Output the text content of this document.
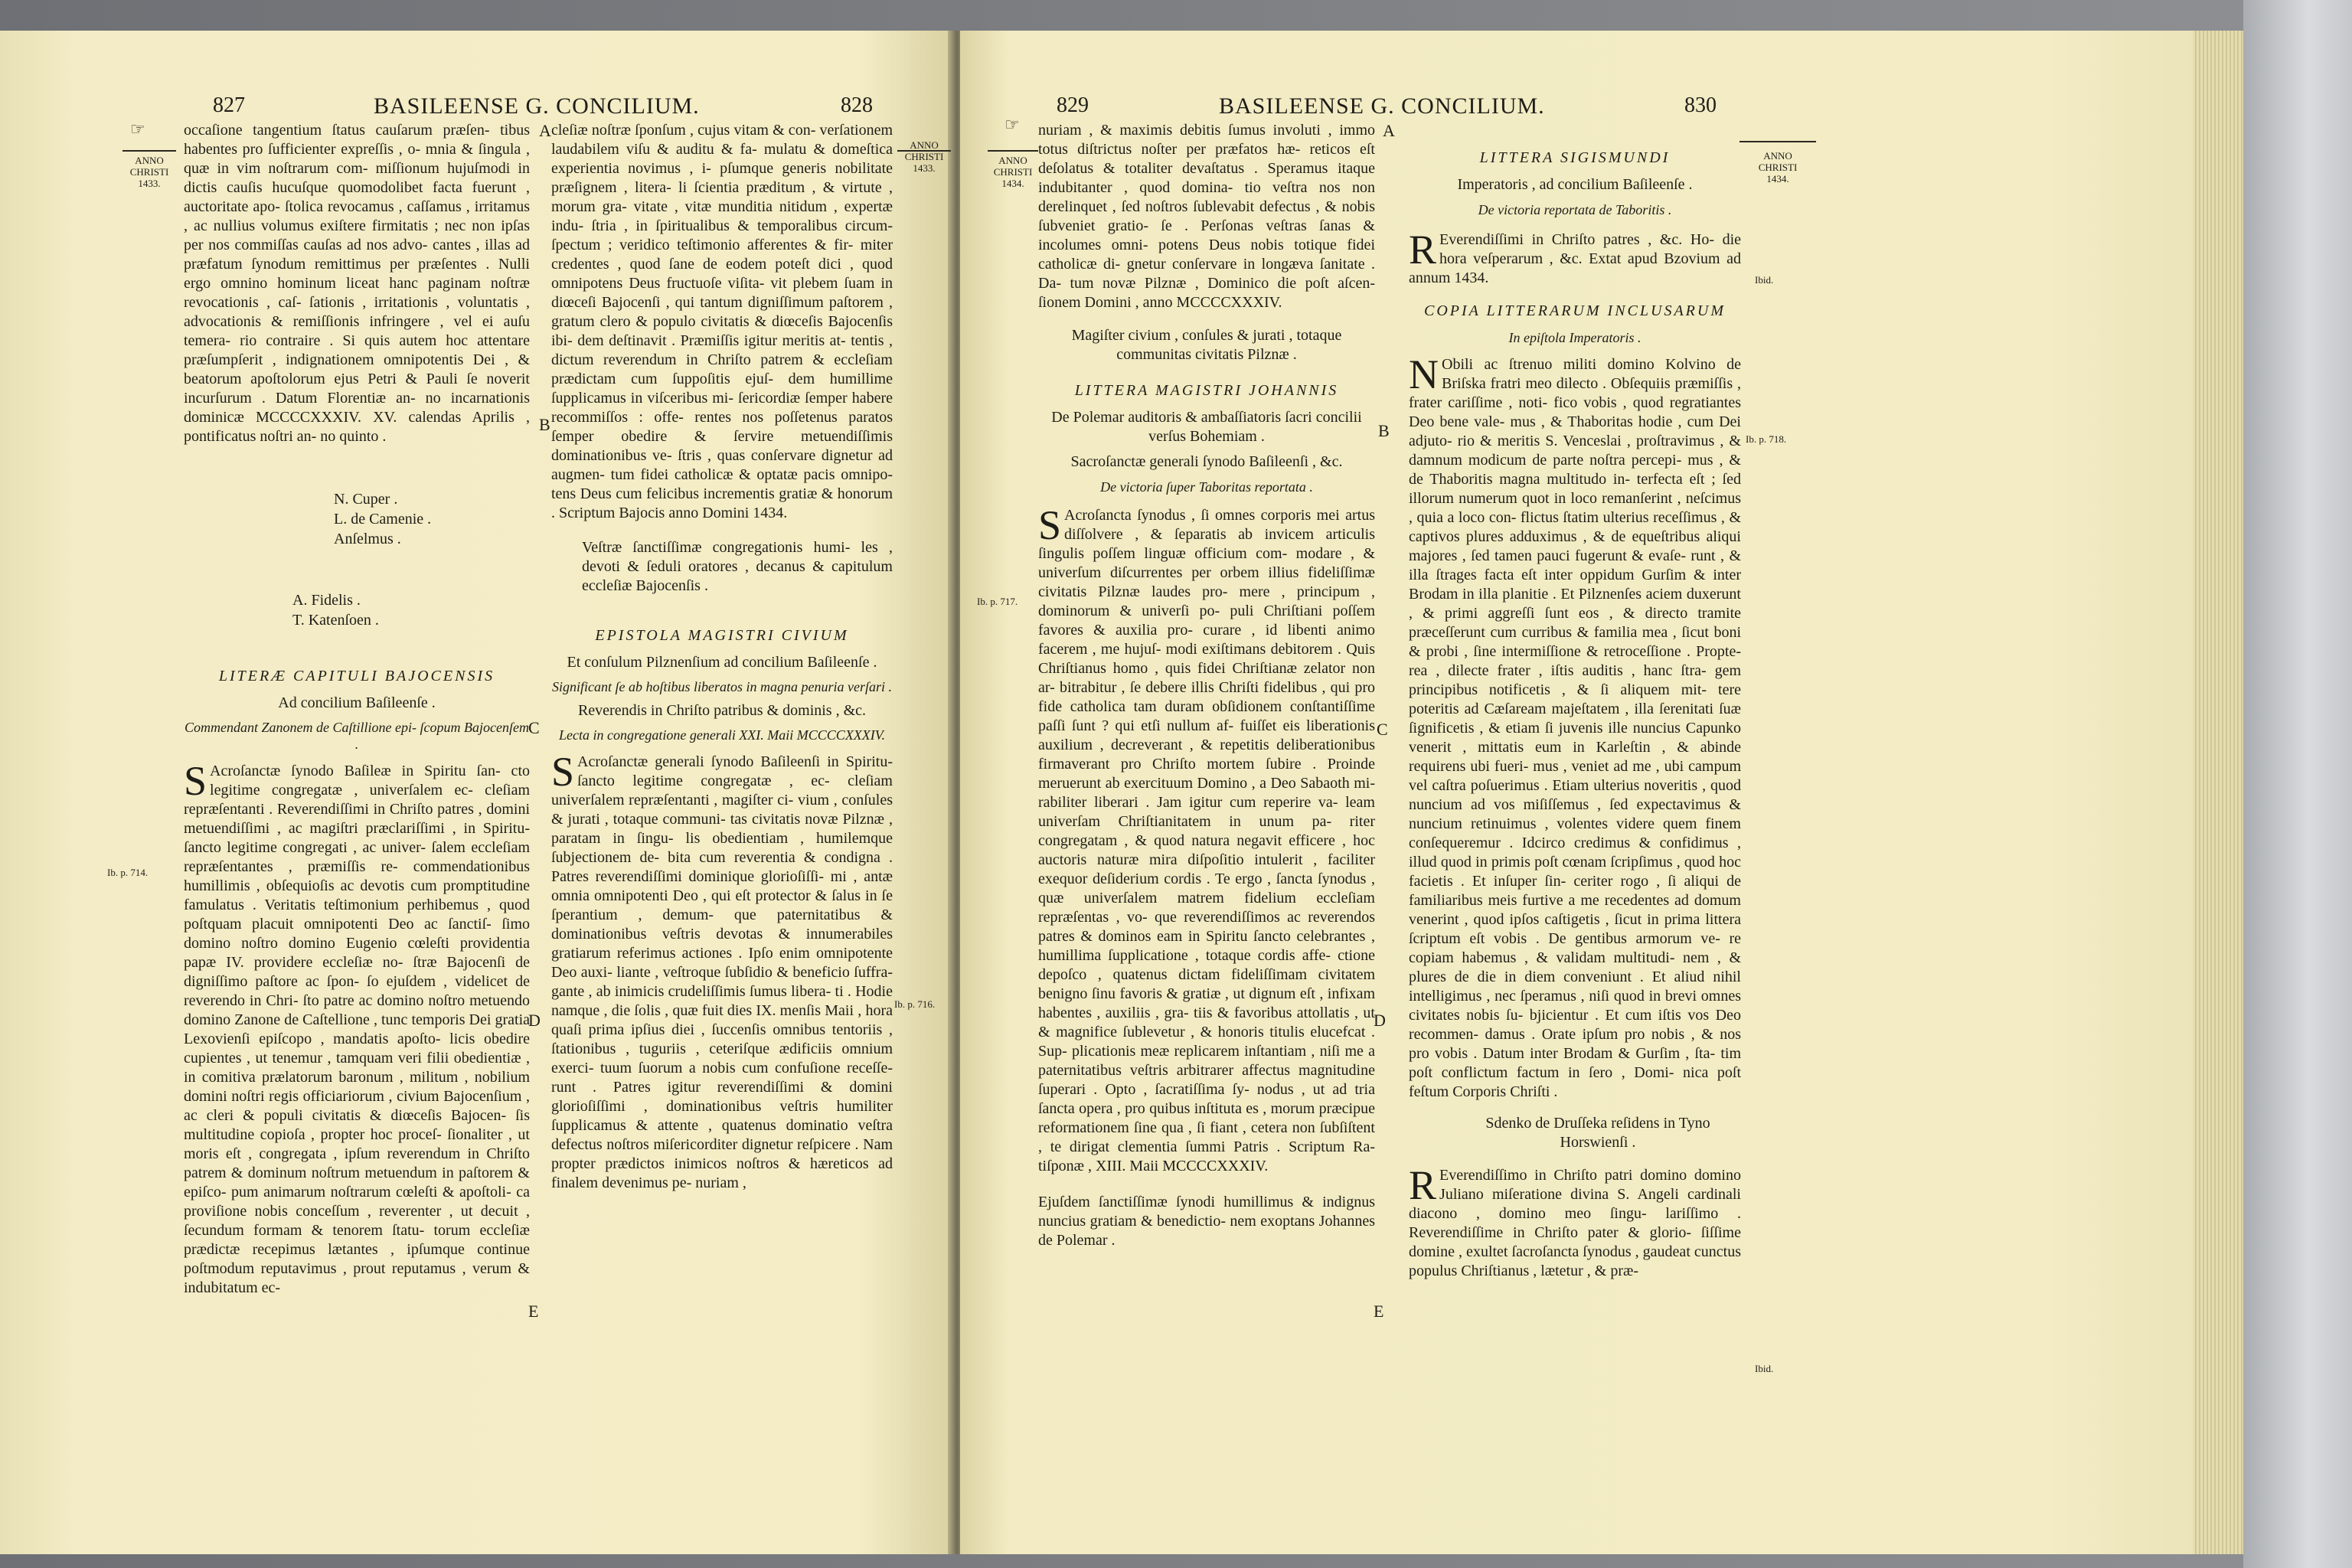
827	BASILEENSE G. CONCILIUM.	828
☞
ANNO
CHRISTI
1433.
ANNO
CHRISTI
1433.

occaſione tangentium ſtatus cauſarum præſen- tibus habentes pro ſufficienter expreſſis , o- mnia & ſingula , quæ in vim noſtrarum com- miſſionum hujuſmodi in dictis cauſis hucuſque quomodolibet facta fuerunt , auctoritate apo- ſtolica revocamus , caſſamus , irritamus , ac nullius volumus exiſtere firmitatis ; nec non ipſas per nos commiſſas cauſas ad nos advo- cantes , illas ad præfatum ſynodum remittimus per præſentes . Nulli ergo omnino hominum liceat hanc paginam noſtræ revocationis , caſ- ſationis , irritationis , voluntatis , advocationis & remiſſionis infringere , vel ei auſu temera- rio contraire . Si quis autem hoc attentare præſumpſerit , indignationem omnipotentis Dei , & beatorum apoſtolorum ejus Petri & Pauli ſe noverit incurſurum . Datum Florentiæ an- no incarnationis dominicæ MCCCCXXXIV. XV. calendas Aprilis , pontificatus noſtri an- no quinto .

N. Cuper .
L. de Camenie .
Anſelmus .
A. Fidelis .
T. Katenſoen .
LITERÆ CAPITULI BAJOCENSIS

Ad concilium Baſileenſe .

Commendant Zanonem de Caſtillione epi- ſcopum Bajocenſem .

S Acroſanctæ ſynodo Baſileæ in Spiritu ſan- cto legitime congregatæ , univerſalem ec- cleſiam repræſentanti . Reverendiſſimi in Chriſto patres , domini metuendiſſimi , ac magiſtri præclariſſimi , in Spiritu-ſancto legitime congregati , ac univer- ſalem eccleſiam repræſentantes , præmiſſis re- commendationibus humillimis , obſequioſis ac devotis cum promptitudine famulatus . Veritatis teſtimonium perhibemus , quod poſtquam placuit omnipotenti Deo ac ſanctiſ- ſimo domino noſtro domino Eugenio cœleſti providentia papæ IV. providere eccleſiæ no- ſtræ Bajocenſi de digniſſimo paſtore ac ſpon- ſo ejuſdem , videlicet de reverendo in Chri- ſto patre ac domino noſtro metuendo domino Zanone de Caſtellione , tunc temporis Dei gratia Lexovienſi epiſcopo , mandatis apoſto- licis obedire cupientes , ut tenemur , tamquam veri filii obedientiæ , in comitiva prælatorum baronum , militum , nobilium domini noſtri regis officiariorum , civium Bajocenſium , ac cleri & populi civitatis & diœceſis Bajocen- ſis multitudine copioſa , propter hoc proceſ- ſionaliter , ut moris eſt , congregata , ipſum reverendum in Chriſto patrem & dominum noſtrum metuendum in paſtorem & epiſco- pum animarum noſtrarum cœleſti & apoſtoli- ca proviſione nobis conceſſum , reverenter , ut decuit , ſecundum formam & tenorem ſtatu- torum eccleſiæ prædictæ recepimus lætantes , ipſumque continue poſtmodum reputavimus , prout reputamus , verum & indubitatum ec-

Ib. p. 714.

cleſiæ noſtræ ſponſum , cujus vitam & con- verſationem laudabilem viſu & auditu & fa- mulatu & domeſtica experientia novimus , i- pſumque generis nobilitate præſignem , litera- li ſcientia præditum , & virtute , morum gra- vitate , vitæ munditia nitidum , expertæ indu- ſtria , in ſpiritualibus & temporalibus circum- ſpectum ; veridico teſtimonio afferentes & fir- miter credentes , quod ſane de eodem poteſt dici , quod omnipotens Deus fructuoſe viſita- vit plebem ſuam in diœceſi Bajocenſi , qui tantum digniſſimum paſtorem , gratum clero & populo civitatis & diœceſis Bajocenſis ibi- dem deſtinavit . Præmiſſis igitur meritis at- tentis , dictum reverendum in Chriſto patrem & eccleſiam prædictam cum ſuppoſitis ejuſ- dem humillime ſupplicamus in viſceribus mi- ſericordiæ ſemper habere recommiſſos : offe- rentes nos poſſetenus paratos ſemper obedire & ſervire metuendiſſimis dominationibus ve- ſtris , quas conſervare dignetur ad augmen- tum fidei catholicæ & optatæ pacis omnipo- tens Deus cum felicibus incrementis gratiæ & honorum . Scriptum Bajocis anno Domini 1434.

Veſtræ ſanctiſſimæ congregationis humi- les , devoti & ſeduli oratores , decanus & capitulum eccleſiæ Bajocenſis .

EPISTOLA MAGISTRI CIVIUM

Et conſulum Pilznenſium ad concilium Baſileenſe .

Significant ſe ab hoſtibus liberatos in magna penuria verſari .

Reverendis in Chriſto patribus & dominis , &c.

Lecta in congregatione generali XXI. Maii MCCCCXXXIV.

S Acroſanctæ generali ſynodo Baſileenſi in Spiritu-ſancto legitime congregatæ , ec- cleſiam univerſalem repræſentanti , magiſter ci- vium , conſules & jurati , totaque communi- tas civitatis novæ Pilznæ , paratam in ſingu- lis obedientiam , humilemque ſubjectionem de- bita cum reverentia & condigna . Patres reverendiſſimi dominique glorioſiſſi- mi , antæ omnia omnipotenti Deo , qui eſt protector & ſalus in ſe ſperantium , demum- que paternitatibus & dominationibus veſtris devotas & innumerabiles gratiarum referimus actiones . Ipſo enim omnipotente Deo auxi- liante , veſtroque ſubſidio & beneficio ſuffra- gante , ab inimicis crudeliſſimis ſumus libera- ti . Hodie namque , die ſolis , quæ fuit dies IX. menſis Maii , hora quaſi prima ipſius diei , ſuccenſis omnibus tentoriis , ſtationibus , tuguriis , ceteriſque ædificiis omnium exerci- tuum ſuorum a nobis cum confuſione receſſe- runt . Patres igitur reverendiſſimi & domini glorioſiſſimi , dominationibus veſtris humiliter ſupplicamus & attente , quatenus dominatio veſtra defectus noſtros miſericorditer dignetur reſpicere . Nam propter prædictos inimicos noſtros & hæreticos ad finalem devenimus pe- nuriam ,

Ib. p. 716.
A
B
C
D
E
829	BASILEENSE G. CONCILIUM.	830
☞
ANNO
CHRISTI
1434.
ANNO
CHRISTI
1434.

nuriam , & maximis debitis ſumus involuti , immo totus diſtrictus noſter per præfatos hæ- reticos eſt deſolatus & totaliter devaſtatus . Speramus itaque indubitanter , quod domina- tio veſtra nos non derelinquet , ſed noſtros ſublevabit defectus , & nobis ſubveniet gratio- ſe . Perſonas veſtras ſanas & incolumes omni- potens Deus nobis totique fidei catholicæ di- gnetur conſervare in longæva ſanitate . Da- tum novæ Pilznæ , Dominico die poſt aſcen- ſionem Domini , anno MCCCCXXXIV.

Magiſter civium , conſules & jurati , totaque communitas civitatis Pilznæ .

LITTERA MAGISTRI JOHANNIS

De Polemar auditoris & ambaſſiatoris ſacri concilii verſus Bohemiam .

Sacroſanctæ generali ſynodo Baſileenſi , &c.

De victoria ſuper Taboritas reportata .

S Acroſancta ſynodus , ſi omnes corporis mei artus diſſolvere , & ſeparatis ab invicem articulis ſingulis poſſem linguæ officium com- modare , & univerſum diſcurrentes per orbem illius fideliſſimæ civitatis Pilznæ laudes pro- mere , principum , dominorum & univerſi po- puli Chriſtiani poſſem favores & auxilia pro- curare , id libenti animo facerem , me hujuſ- modi exiſtimans debitorem . Quis Chriſtianus homo , quis fidei Chriſtianæ zelator non ar- bitrabitur , ſe debere illis Chriſti fidelibus , qui pro fide catholica tam duram obſidionem conſtantiſſime paſſi ſunt ? qui etſi nullum af- fuiſſet eis liberationis auxilium , decreverant , & repetitis deliberationibus firmaverant pro Chriſto mortem ſubire . Proinde meruerunt ab exercituum Domino , a Deo Sabaoth mi- rabiliter liberari . Jam igitur cum reperire va- leam univerſam Chriſtianitatem in unum pa- riter congregatam , & quod natura negavit efficere , hoc auctoris naturæ mira diſpoſitio intulerit , faciliter exequor deſiderium cordis . Te ergo , ſancta ſynodus , quæ univerſalem matrem fidelium eccleſiam repræſentas , vo- que reverendiſſimos ac reverendos patres & dominos eam in Spiritu ſancto celebrantes , humillima ſupplicatione , totaque cordis affe- ctione depoſco , quatenus dictam fideliſſimam civitatem benigno ſinu favoris & gratiæ , ut dignum eſt , infixam habentes , auxiliis , gra- tiis & favoribus attollatis , ut & magnifice ſublevetur , & honoris titulis elucefcat . Sup- plicationis meæ replicarem inſtantiam , niſi me a paternitatibus veſtris arbitrarer affectus magnitudine ſuperari . Opto , ſacratiſſima ſy- nodus , ut ad tria ſancta opera , pro quibus inſtituta es , morum præcipue reformationem ſine qua , ſi fiant , cetera non ſubſiſtent , te dirigat clementia ſummi Patris . Scriptum Ra- tiſponæ , XIII. Maii MCCCCXXXIV.

Ejuſdem ſanctiſſimæ ſynodi humillimus & indignus nuncius gratiam & benedictio- nem exoptans Johannes de Polemar .

Ib. p. 717.
LITTERA SIGISMUNDI

Imperatoris , ad concilium Baſileenſe .

De victoria reportata de Taboritis .

R Everendiſſimi in Chriſto patres , &c. Ho- die hora veſperarum , &c. Extat apud Bzovium ad annum 1434.

COPIA LITTERARUM INCLUSARUM

In epiſtola Imperatoris .

N Obili ac ſtrenuo militi domino Kolvino de Briſska fratri meo dilecto . Obſequiis præmiſſis , frater cariſſime , noti- fico vobis , quod regratiantes Deo bene vale- mus , & Thaboritas hodie , cum Dei adjuto- rio & meritis S. Venceslai , proſtravimus , & damnum modicum de parte noſtra percepi- mus , & de Thaboritis magna multitudo in- terfecta eſt ; ſed illorum numerum quot in loco remanſerint , neſcimus , quia a loco con- flictus ſtatim ulterius receſſimus , & captivos plures adduximus , & de equeſtribus aliqui majores , ſed tamen pauci fugerunt & evaſe- runt , & illa ſtrages facta eſt inter oppidum Gurſim & inter Brodam in illa planitie . Et Pilznenſes aciem duxerunt , & primi aggreſſi ſunt eos , & directo tramite præceſſerunt cum curribus & familia mea , ſicut boni & probi , ſine intermiſſione & retroceſſione . Propte- rea , dilecte frater , iſtis auditis , hanc ſtra- gem principibus notificetis , & ſi aliquem mit- tere poteritis ad Cæſaream majeſtatem , illa ſerenitati ſuæ ſignificetis , & etiam ſi juvenis ille nuncius Capunko venerit , mittatis eum in Karleſtin , & abinde requirens ubi fueri- mus , veniet ad me , ubi campum vel caſtra poſuerimus . Etiam ulterius noveritis , quod nuncium ad vos miſiſſemus , ſed expectavimus & nuncium retinuimus , volentes videre quem finem conſequeremur . Idcirco credimus & confidimus , illud quod in primis poſt cœnam ſcripſimus , quod hoc facietis . Et inſuper ſin- ceriter rogo , ſi aliqui de familiaribus meis furtive a me recedentes ad domum venerint , quod ipſos caſtigetis , ſicut in prima littera ſcriptum eſt vobis . De gentibus armorum ve- re copiam habemus , & validam multitudi- nem , & plures de die in diem conveniunt . Et aliud nihil intelligimus , nec ſperamus , niſi quod in brevi omnes civitates nobis ſu- bjicientur . Et cum iſtis vos Deo recommen- damus . Orate ipſum pro nobis , & nos pro vobis . Datum inter Brodam & Gurſim , ſta- tim poſt conflictum factum in ſero , Domi- nica poſt feſtum Corporis Chriſti .

Sdenko de Druſſeka reſidens in Tyno Horswienſi .

R Everendiſſimo in Chriſto patri domino domino Juliano miſeratione divina S. Angeli cardinali diacono , domino meo ſingu- lariſſimo . Reverendiſſime in Chriſto pater & glorio- ſiſſime domine , exultet ſacroſancta ſynodus , gaudeat cunctus populus Chriſtianus , lætetur , & præ-

Ibid.
Ib. p. 718.
Ibid.
A
B
C
D
E
